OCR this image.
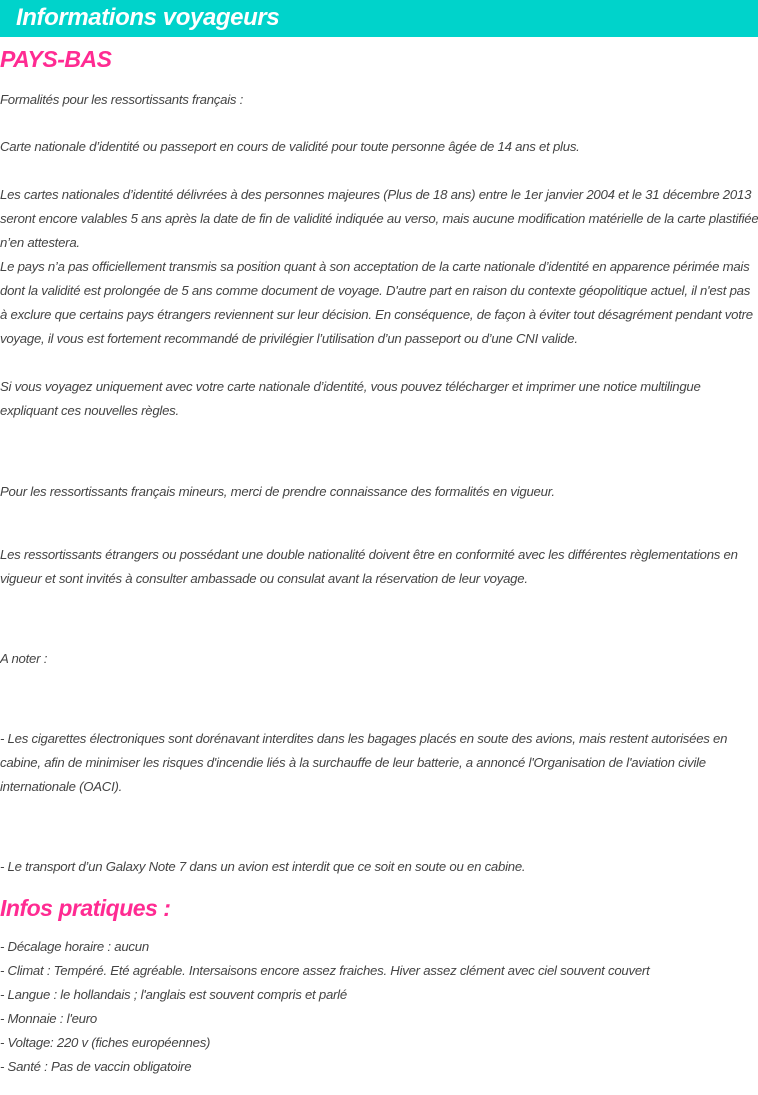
Informations voyageurs
PAYS-BAS

Formalités pour les ressortissants français :

Carte nationale d’identité ou passeport en cours de validité pour toute personne âgée de 14 ans et plus.

Les cartes nationales d’identité délivrées à des personnes majeures (Plus de 18 ans) entre le 1er janvier 2004 et le 31 décembre 2013 seront encore valables 5 ans après la date de fin de validité indiquée au verso, mais aucune modification matérielle de la carte plastifiée n’en attestera.

Le pays n’a pas officiellement transmis sa position quant à son acceptation de la carte nationale d’identité en apparence périmée mais dont la validité est prolongée de 5 ans comme document de voyage. D'autre part en raison du contexte géopolitique actuel, il n'est pas à exclure que certains pays étrangers reviennent sur leur décision. En conséquence, de façon à éviter tout désagrément pendant votre voyage, il vous est fortement recommandé de privilégier l’utilisation d’un passeport ou d’une CNI valide.

Si vous voyagez uniquement avec votre carte nationale d’identité, vous pouvez télécharger et imprimer une notice multilingue expliquant ces nouvelles règles.

Pour les ressortissants français mineurs, merci de prendre connaissance des formalités en vigueur.

Les ressortissants étrangers ou possédant une double nationalité doivent être en conformité avec les différentes règlementations en vigueur et sont invités à consulter ambassade ou consulat avant la réservation de leur voyage.

A noter :

- Les cigarettes électroniques sont dorénavant interdites dans les bagages placés en soute des avions, mais restent autorisées en cabine, afin de minimiser les risques d'incendie liés à la surchauffe de leur batterie, a annoncé l'Organisation de l'aviation civile internationale (OACI).

- Le transport d’un Galaxy Note 7 dans un avion est interdit que ce soit en soute ou en cabine.

Infos pratiques :
- Décalage horaire : aucun
- Climat : Tempéré. Eté agréable. Intersaisons encore assez fraiches. Hiver assez clément avec ciel souvent couvert
- Langue : le hollandais ; l'anglais est souvent compris et parlé
- Monnaie : l'euro
- Voltage: 220 v (fiches européennes)
- Santé : Pas de vaccin obligatoire
